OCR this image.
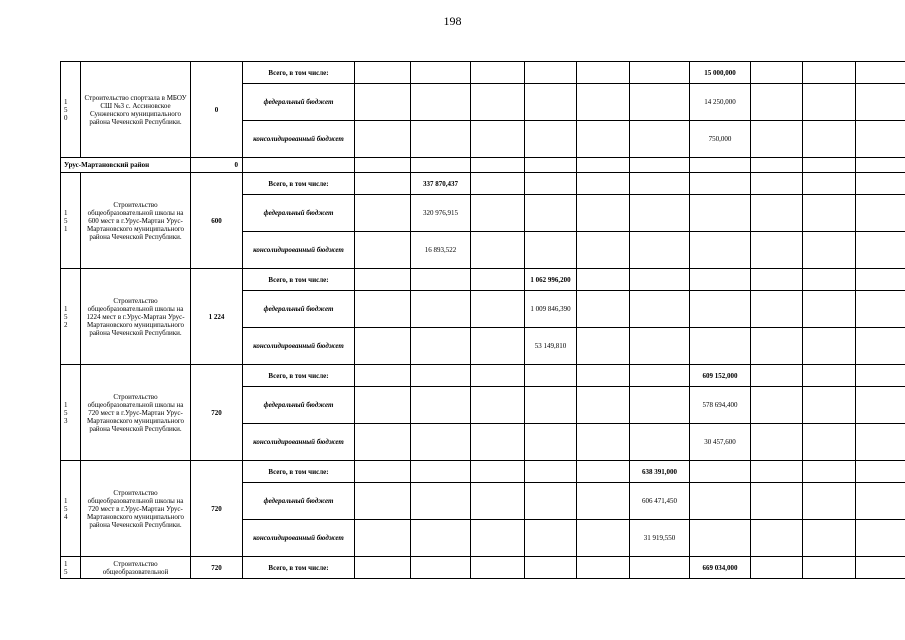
198
1
5
0	Строительство спортзала в МБОУ СШ №3 с. Ассиновское Сунженского муниципального района Чеченской Республики.	0	Всего, в том числе:							15 000,000			
			федеральный бюджет							14 250,000			
			консолидированный бюджет							750,000			
Урус-Мартановский район		0											
1
5
1	Строительство общеобразовательной школы на 600 мест в г.Урус-Мартан Урус-Мартановского муниципального района Чеченской Республики.	600	Всего, в том числе:		337 870,437								
			федеральный бюджет		320 976,915								
			консолидированный бюджет		16 893,522								
1
5
2	Строительство общеобразовательной школы на 1224 мест в г.Урус-Мартан Урус-Мартановского муниципального района Чеченской Республики.	1 224	Всего, в том числе:				1 062 996,200						
			федеральный бюджет				1 009 846,390						
			консолидированный бюджет				53 149,810						
1
5
3	Строительство общеобразовательной школы на 720 мест в г.Урус-Мартан Урус-Мартановского муниципального района Чеченской Республики.	720	Всего, в том числе:							609 152,000			
			федеральный бюджет							578 694,400			
			консолидированный бюджет							30 457,600			
1
5
4	Строительство общеобразовательной школы на 720 мест в г.Урус-Мартан Урус-Мартановского муниципального района Чеченской Республики.	720	Всего, в том числе:						638 391,000				
			федеральный бюджет						606 471,450				
			консолидированный бюджет						31 919,550				
1
5	Строительство общеобразовательной	720	Всего, в том числе:							669 034,000			
